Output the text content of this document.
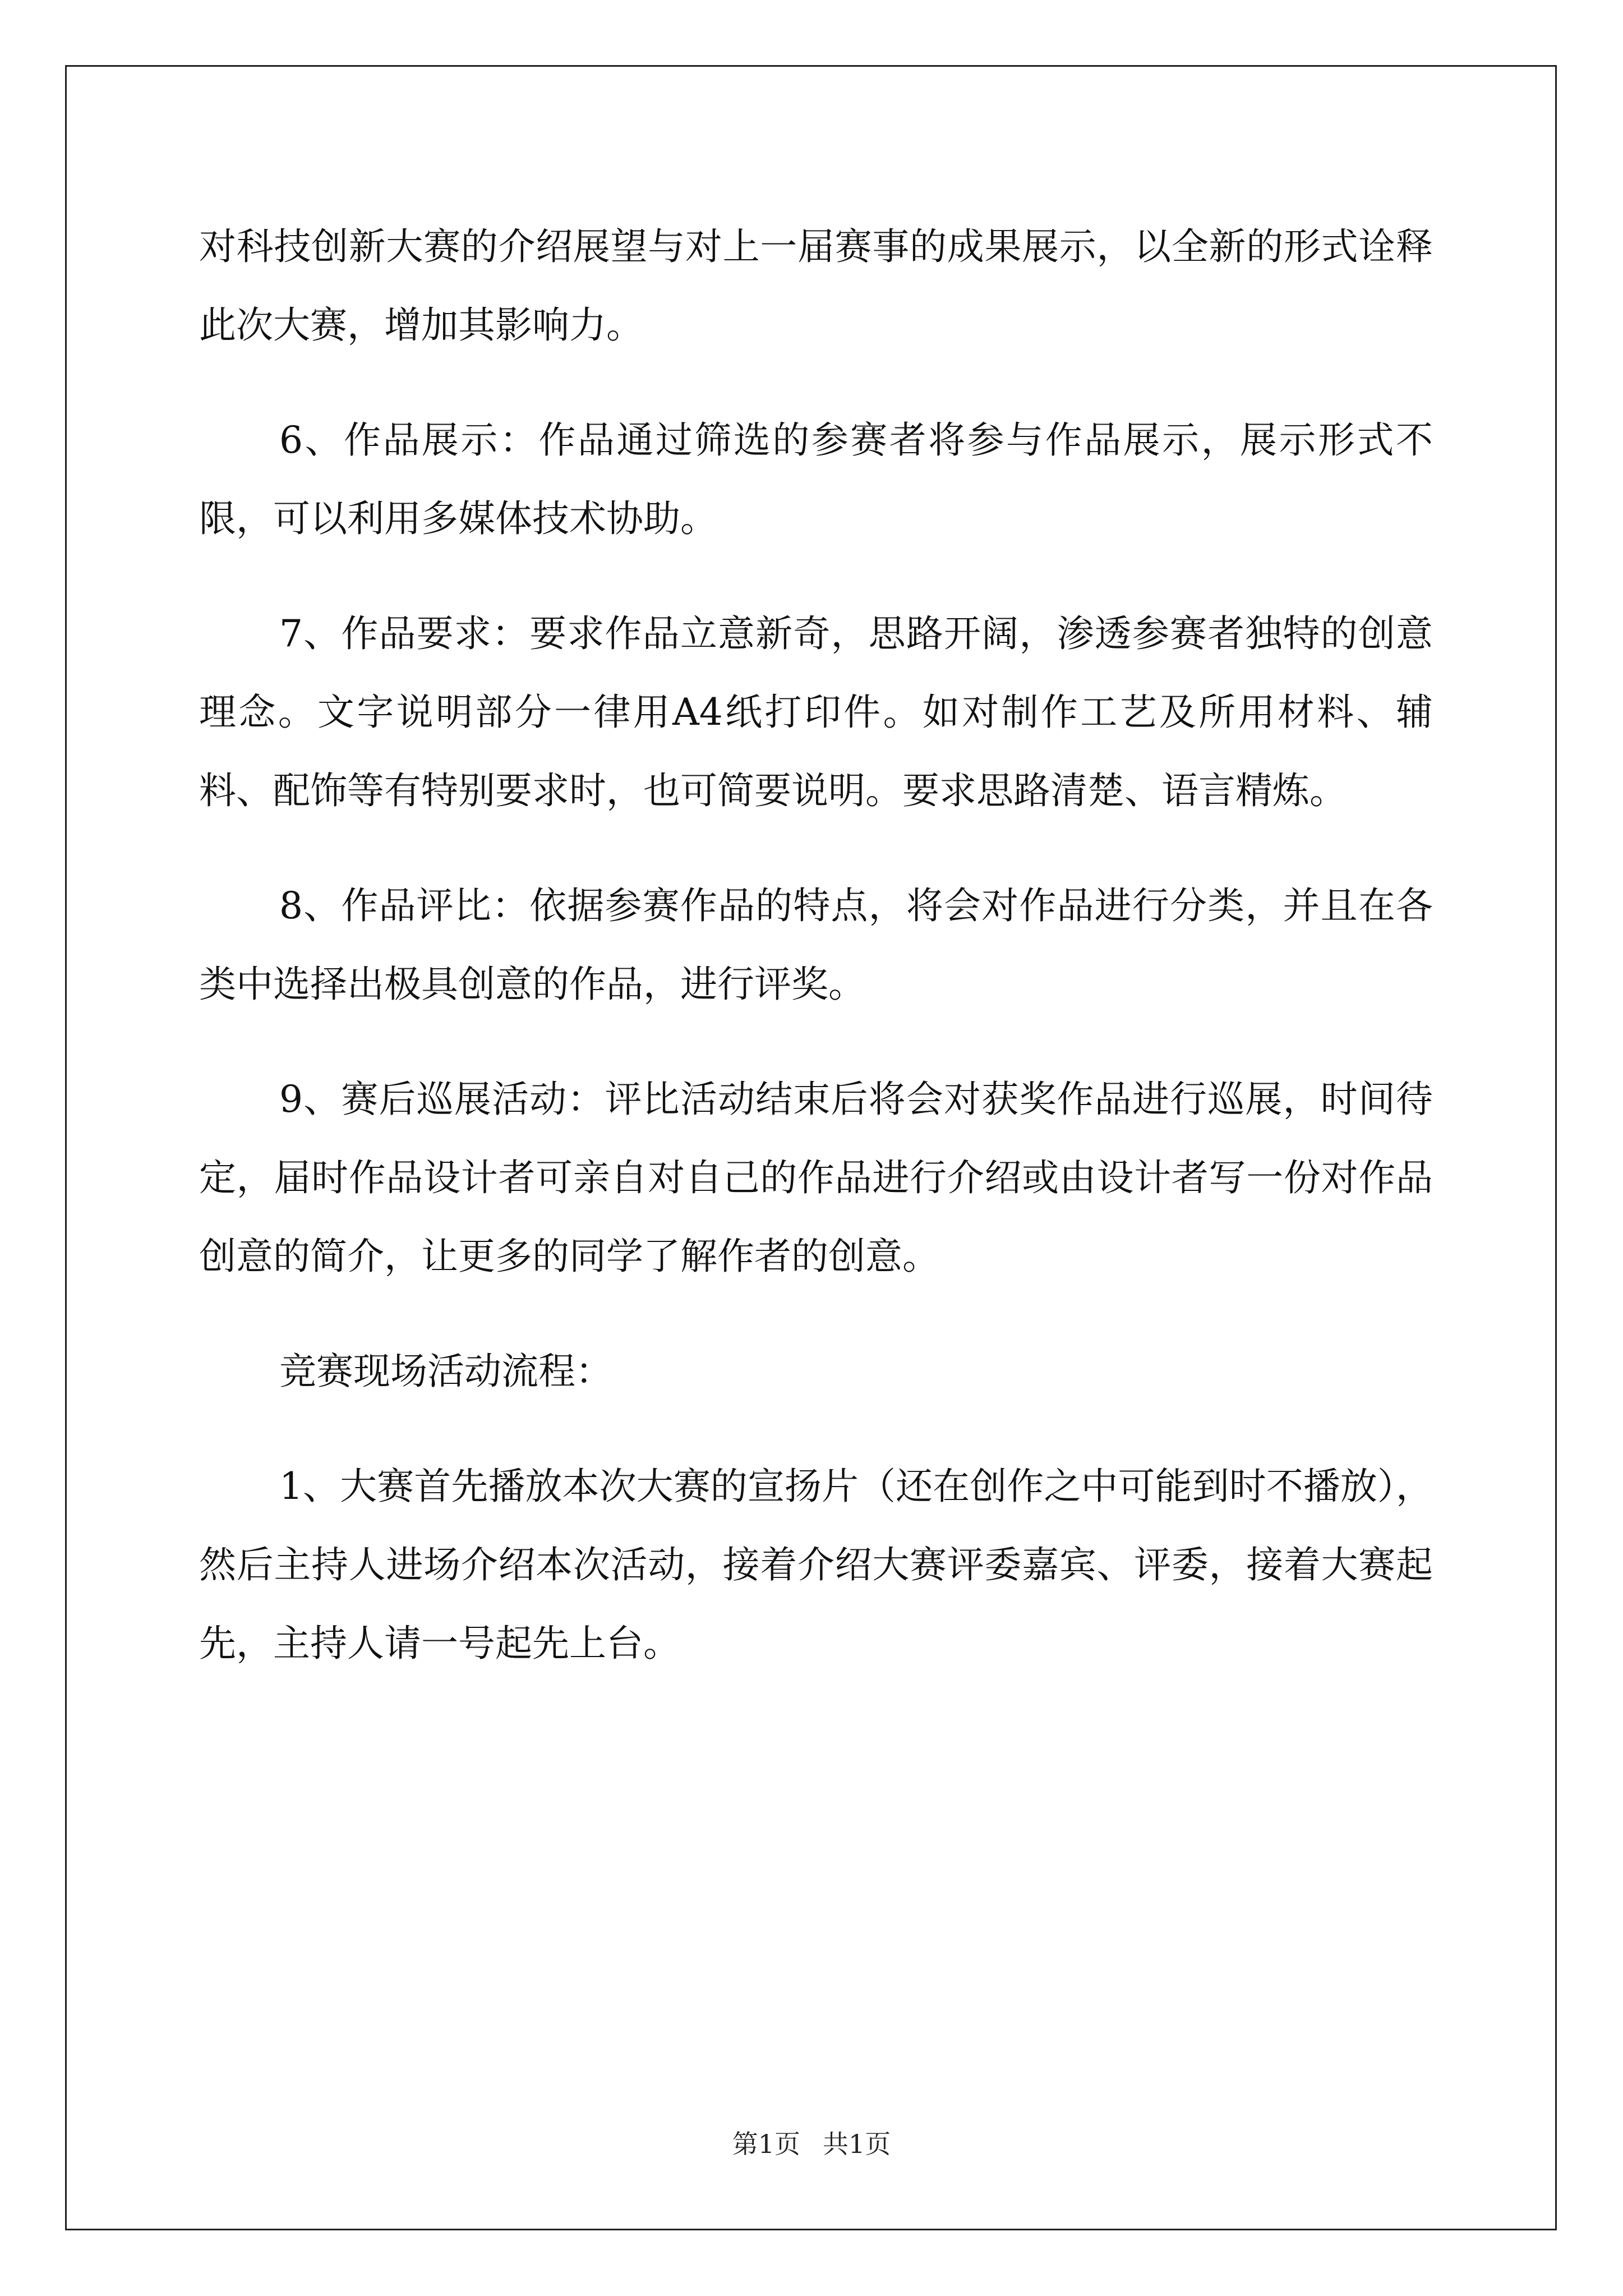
对科技创新大赛的介绍展望与对上一届赛事的成果展示，以全新的形式诠释此次大赛，增加其影响力。

6、作品展示：作品通过筛选的参赛者将参与作品展示，展示形式不限，可以利用多媒体技术协助。

7、作品要求：要求作品立意新奇，思路开阔，渗透参赛者独特的创意理念。文字说明部分一律用A4纸打印件。如对制作工艺及所用材料、辅料、配饰等有特别要求时，也可简要说明。要求思路清楚、语言精炼。

8、作品评比：依据参赛作品的特点，将会对作品进行分类，并且在各类中选择出极具创意的作品，进行评奖。

9、赛后巡展活动：评比活动结束后将会对获奖作品进行巡展，时间待定，届时作品设计者可亲自对自己的作品进行介绍或由设计者写一份对作品创意的简介，让更多的同学了解作者的创意。

竞赛现场活动流程：

1、大赛首先播放本次大赛的宣扬片（还在创作之中可能到时不播放），然后主持人进场介绍本次活动，接着介绍大赛评委嘉宾、评委，接着大赛起先，主持人请一号起先上台。

第1页 共1页
